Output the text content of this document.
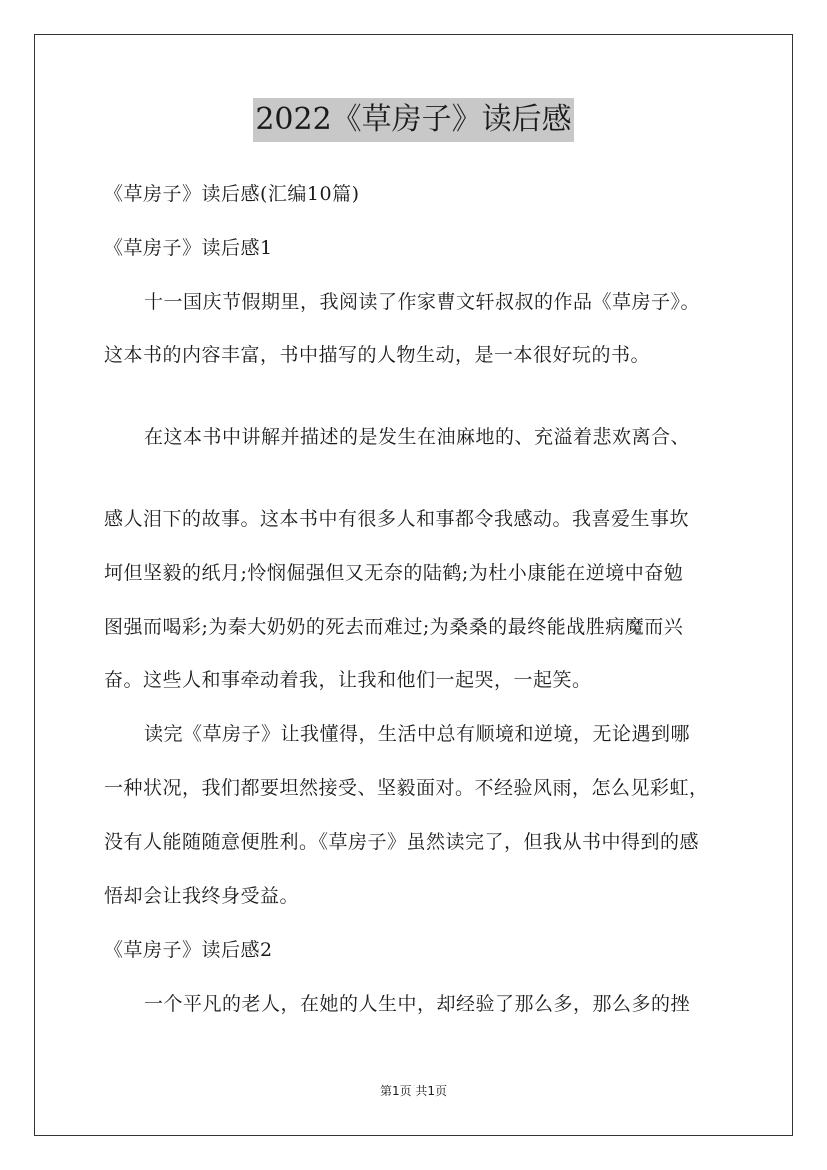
2022《草房子》读后感
《草房子》读后感(汇编10篇)
《草房子》读后感1
十一国庆节假期里，我阅读了作家曹文轩叔叔的作品《草房子》。
这本书的内容丰富，书中描写的人物生动，是一本很好玩的书。
在这本书中讲解并描述的是发生在油麻地的、充溢着悲欢离合、
感人泪下的故事。这本书中有很多人和事都令我感动。我喜爱生事坎
坷但坚毅的纸月;怜悯倔强但又无奈的陆鹤;为杜小康能在逆境中奋勉
图强而喝彩;为秦大奶奶的死去而难过;为桑桑的最终能战胜病魔而兴
奋。这些人和事牵动着我，让我和他们一起哭，一起笑。
读完《草房子》让我懂得，生活中总有顺境和逆境，无论遇到哪
一种状况，我们都要坦然接受、坚毅面对。不经验风雨，怎么见彩虹，
没有人能随随意便胜利。《草房子》虽然读完了，但我从书中得到的感
悟却会让我终身受益。
《草房子》读后感2
一个平凡的老人，在她的人生中，却经验了那么多，那么多的挫
第1页 共1页
